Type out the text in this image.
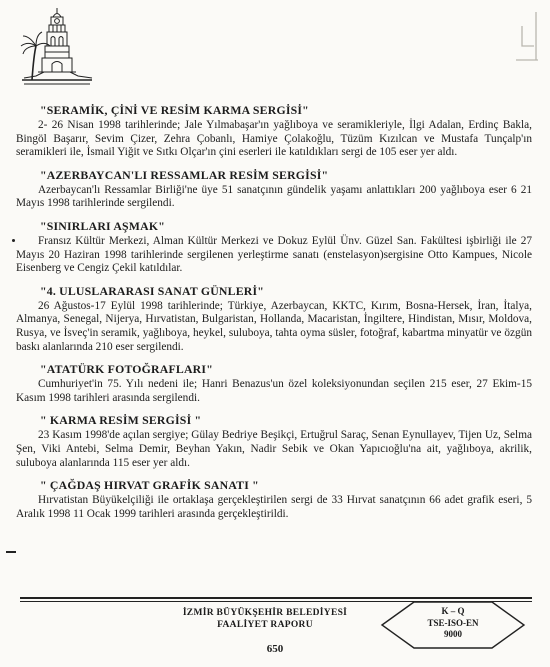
"SERAMİK, ÇİNİ VE RESİM KARMA SERGİSİ"

2- 26 Nisan 1998 tarihlerinde; Jale Yılmabaşar'ın yağlıboya ve seramikleriyle, İlgi Adalan, Erdinç Bakla, Bingöl Başarır, Sevim Çizer, Zehra Çobanlı, Hamiye Çolakoğlu, Tüzüm Kızılcan ve Mustafa Tunçalp'ın seramikleri ile, İsmail Yiğit ve Sıtkı Olçar'ın çini eserleri ile katıldıkları sergi de 105 eser yer aldı.

"AZERBAYCAN'LI RESSAMLAR RESİM SERGİSİ"

Azerbaycan'lı Ressamlar Birliği'ne üye 51 sanatçının gündelik yaşamı anlattıkları 200 yağlıboya eser 6 21 Mayıs 1998 tarihlerinde sergilendi.

"SINIRLARI AŞMAK"

Fransız Kültür Merkezi, Alman Kültür Merkezi ve Dokuz Eylül Ünv. Güzel San. Fakültesi işbirliği ile 27 Mayıs 20 Haziran 1998 tarihlerinde sergilenen yerleştirme sanatı (enstelasyon)sergisine Otto Kampues, Nicole Eisenberg ve Cengiz Çekil katıldılar.

"4. ULUSLARARASI SANAT GÜNLERİ"

26 Ağustos-17 Eylül 1998 tarihlerinde; Türkiye, Azerbaycan, KKTC, Kırım, Bosna-Hersek, İran, İtalya, Almanya, Senegal, Nijerya, Hırvatistan, Bulgaristan, Hollanda, Macaristan, İngiltere, Hindistan, Mısır, Moldova, Rusya, ve İsveç'in seramik, yağlıboya, heykel, suluboya, tahta oyma süsler, fotoğraf, kabartma minyatür ve özgün baskı alanlarında 210 eser sergilendi.

"ATATÜRK FOTOĞRAFLARI"

Cumhuriyet'in 75. Yılı nedeni ile; Hanri Benazus'un özel koleksiyonundan seçilen 215 eser, 27 Ekim-15 Kasım 1998 tarihleri arasında sergilendi.

" KARMA RESİM SERGİSİ "

23 Kasım 1998'de açılan sergiye; Gülay Bedriye Beşikçi, Ertuğrul Saraç, Senan Eynullayev, Tijen Uz, Selma Şen, Viki Antebi, Selma Demir, Beyhan Yakın, Nadir Sebik ve Okan Yapıcıoğlu'na ait, yağlıboya, akrilik, suluboya alanlarında 115 eser yer aldı.

" ÇAĞDAŞ HIRVAT GRAFİK SANATI "

Hırvatistan Büyükelçiliği ile ortaklaşa gerçekleştirilen sergi de 33 Hırvat sanatçının 66 adet grafik eseri, 5 Aralık 1998 11 Ocak 1999 tarihleri arasında gerçekleştirildi.

İZMİR BÜYÜKŞEHİR BELEDİYESİ
FAALİYET RAPORU
650
K – Q
TSE-ISO-EN
9000
